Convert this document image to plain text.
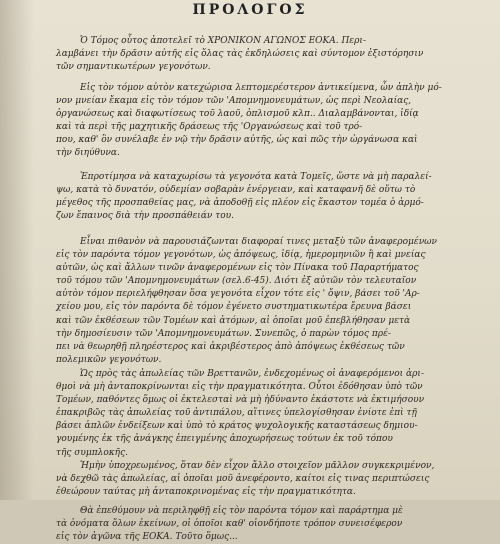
ΠΡΟΛΟΓΟΣ

Ὁ Τόμος οὗτος ἀποτελεῖ τὸ ΧΡΟΝΙΚΟΝ ΑΓΩΝΟΣ ΕΟΚΑ. Περι-
λαμβάνει τὴν δρᾶσιν αὐτῆς εἰς ὅλας τὰς ἐκδηλώσεις καὶ σύντομον ἐξιστόρησιν
τῶν σημαντικωτέρων γεγονότων.

Εἰς τὸν τόμον αὐτὸν κατεχώρισα λεπτομερέστερον ἀντικείμενα, ὧν ἀπλὴν μό-
νον μνείαν ἔκαμα εἰς τὸν τόμον τῶν 'Απομνημονευμάτων, ὡς περὶ Νεολαίας,
ὀργανώσεως καὶ διαφωτίσεως τοῦ λαοῦ, ὁπλισμοῦ κλπ.. Διαλαμβάνονται, ἰδίᾳ
καὶ τὰ περὶ τῆς μαχητικῆς δράσεως τῆς 'Οργανώσεως καὶ τοῦ τρό-
που, καθ' ὃν συνέλαβε ἐν νῷ τὴν δρᾶσιν αὐτῆς, ὡς καὶ πῶς τὴν ὠργάνωσα καὶ
τὴν διηύθυνα.

Ἐπροτίμησα νὰ καταχωρίσω τὰ γεγονότα κατὰ Τομεῖς, ὥστε νὰ μὴ παραλεί-
ψω, κατὰ τὸ δυνατόν, οὐδεμίαν σοβαρὰν ἐνέργειαν, καὶ καταφανῆ δὲ οὕτω τὸ
μέγεθος τῆς προσπαθείας μας, νὰ ἀποδοθῇ εἰς πλέον εἰς ἕκαστον τομέα ὁ ἁρμό-
ζων ἔπαινος διὰ τὴν προσπάθειάν του.

Εἶναι πιθανὸν νὰ παρουσιάζωνται διαφοραί τινες μεταξὺ τῶν ἀναφερομένων
εἰς τὸν παρόντα τόμον γεγονότων, ὡς ἀπόψεως, ἰδίᾳ, ἡμερομηνιῶν ἢ καὶ μνείας
αὐτῶν, ὡς καὶ ἄλλων τινῶν ἀναφερομένων εἰς τὸν Πίνακα τοῦ Παραρτήματος
τοῦ τόμου τῶν 'Απομνημονευμάτων (σελ.6-45). Διότι ἐξ αὐτῶν τὸν τελευταῖον
αὐτὸν τόμον περιελήφθησαν ὅσα γεγονότα εἶχον τότε εἰς ' ὄψιν, βάσει τοῦ 'Αρ-
χείου μου, εἰς τὸν παρόντα δὲ τόμον ἐγένετο συστηματικωτέρα ἔρευνα βάσει
καὶ τῶν ἐκθέσεων τῶν Τομέων καὶ ἀτόμων, αἱ ὁποῖαι μοῦ ἐπεβλήθησαν μετὰ
τὴν δημοσίευσιν τῶν 'Απομνημονευμάτων. Συνεπῶς, ὁ παρὼν τόμος πρέ-
πει νὰ θεωρηθῇ πληρέστερος καὶ ἀκριβέστερος ἀπὸ ἀπόψεως ἐκθέσεως τῶν
πολεμικῶν γεγονότων.

Ὡς πρὸς τὰς ἀπωλείας τῶν Βρεττανῶν, ἐνδεχομένως οἱ ἀναφερόμενοι ἀρι-
θμοὶ νὰ μὴ ἀνταποκρίνωνται εἰς τὴν πραγματικότητα. Οὗτοι ἐδόθησαν ὑπὸ τῶν
Τομέων, παθόντες ὅμως οἱ ἐκτελεσταὶ νὰ μὴ ἠδύναντο ἑκάστοτε νὰ ἐκτιμήσουν
ἐπακριβῶς τὰς ἀπωλείας τοῦ ἀντιπάλου, αἵτινες ὑπελογίσθησαν ἐνίοτε ἐπὶ τῇ
βάσει ἁπλῶν ἐνδείξεων καὶ ὑπὸ τὸ κράτος ψυχολογικῆς καταστάσεως δημιου-
γουμένης ἐκ τῆς ἀνάγκης ἐπειγμένης ἀποχωρήσεως τούτων ἐκ τοῦ τόπου
τῆς συμπλοκῆς.

Ἡμὴν ὑποχρεωμένος, ὅταν δὲν εἶχον ἄλλο στοιχεῖον μᾶλλον συγκεκριμένον,
νὰ δεχθῶ τὰς ἀπωλείας, αἱ ὁποῖαι μοῦ ἀνεφέροντο, καίτοι εἰς τινας περιπτώσεις
ἐθεώρουν ταύτας μὴ ἀνταποκρινομένας εἰς τὴν πραγματικότητα.

Θὰ ἐπεθύμουν νὰ περιληφθῇ εἰς τὸν παρόντα τόμον καὶ παράρτημα μὲ
τὰ ὀνόματα ὅλων ἐκείνων, οἱ ὁποῖοι καθ' οἱονδήποτε τρόπον συνεισέφερον
εἰς τὸν ἀγῶνα τῆς ΕΟΚΑ. Τοῦτο ὅμως...
